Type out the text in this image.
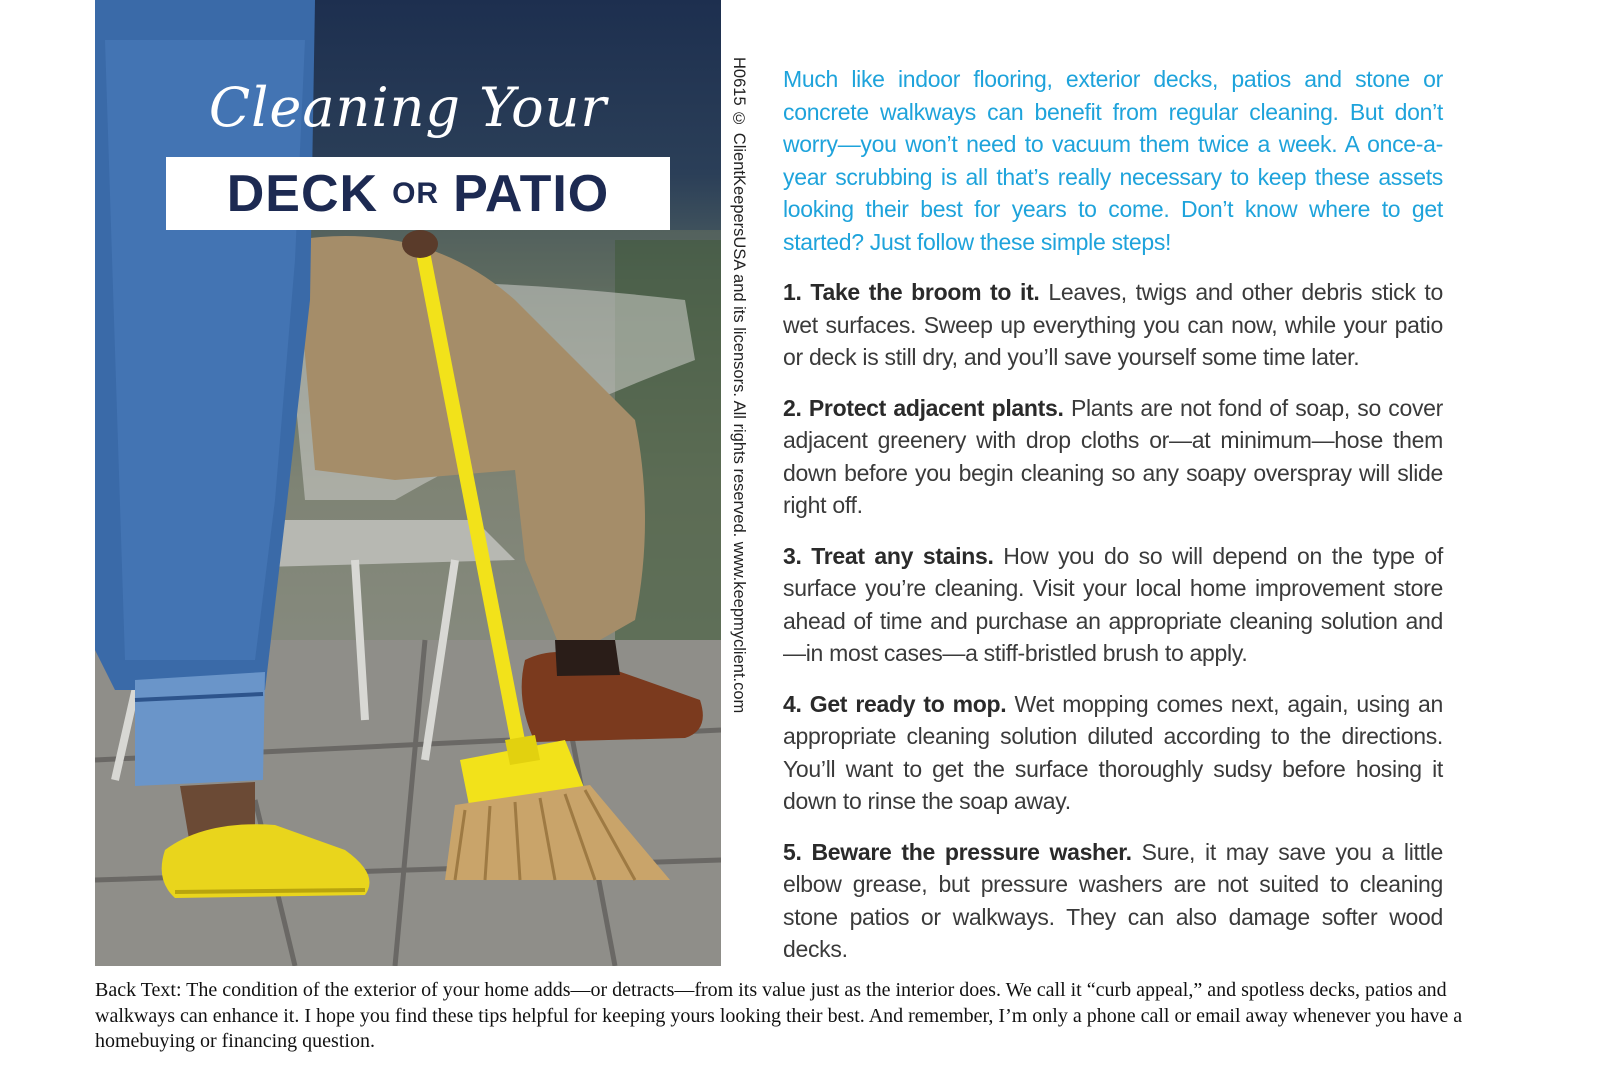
Cleaning Your
DECK OR PATIO	H0615 © ClientKeepersUSA and its licensors. All rights reserved. www.keepmyclient.com Much like indoor flooring, exterior decks, patios and stone or concrete walkways can benefit from regular cleaning. But don’t worry—you won’t need to vacuum them twice a week. A once-a-year scrubbing is all that’s really necessary to keep these assets looking their best for years to come. Don’t know where to get started? Just follow these simple steps!

1. Take the broom to it. Leaves, twigs and other debris stick to wet surfaces. Sweep up everything you can now, while your patio or deck is still dry, and you’ll save yourself some time later.

2. Protect adjacent plants. Plants are not fond of soap, so cover adjacent greenery with drop cloths or—at minimum—hose them down before you begin cleaning so any soapy overspray will slide right off.

3. Treat any stains. How you do so will depend on the type of surface you’re cleaning. Visit your local home improvement store ahead of time and purchase an appropriate cleaning solution and—in most cases—a stiff-bristled brush to apply.

4. Get ready to mop. Wet mopping comes next, again, using an appropriate cleaning solution diluted according to the directions. You’ll want to get the surface thoroughly sudsy before hosing it down to rinse the soap away.

5. Beware the pressure washer. Sure, it may save you a little elbow grease, but pressure washers are not suited to cleaning stone patios or walkways. They can also damage softer wood decks.

Back Text: The condition of the exterior of your home adds—or detracts—from its value just as the interior does. We call it “curb appeal,” and spotless decks, patios and walkways can enhance it. I hope you find these tips helpful for keeping yours looking their best. And remember, I’m only a phone call or email away whenever you have a homebuying or financing question.
